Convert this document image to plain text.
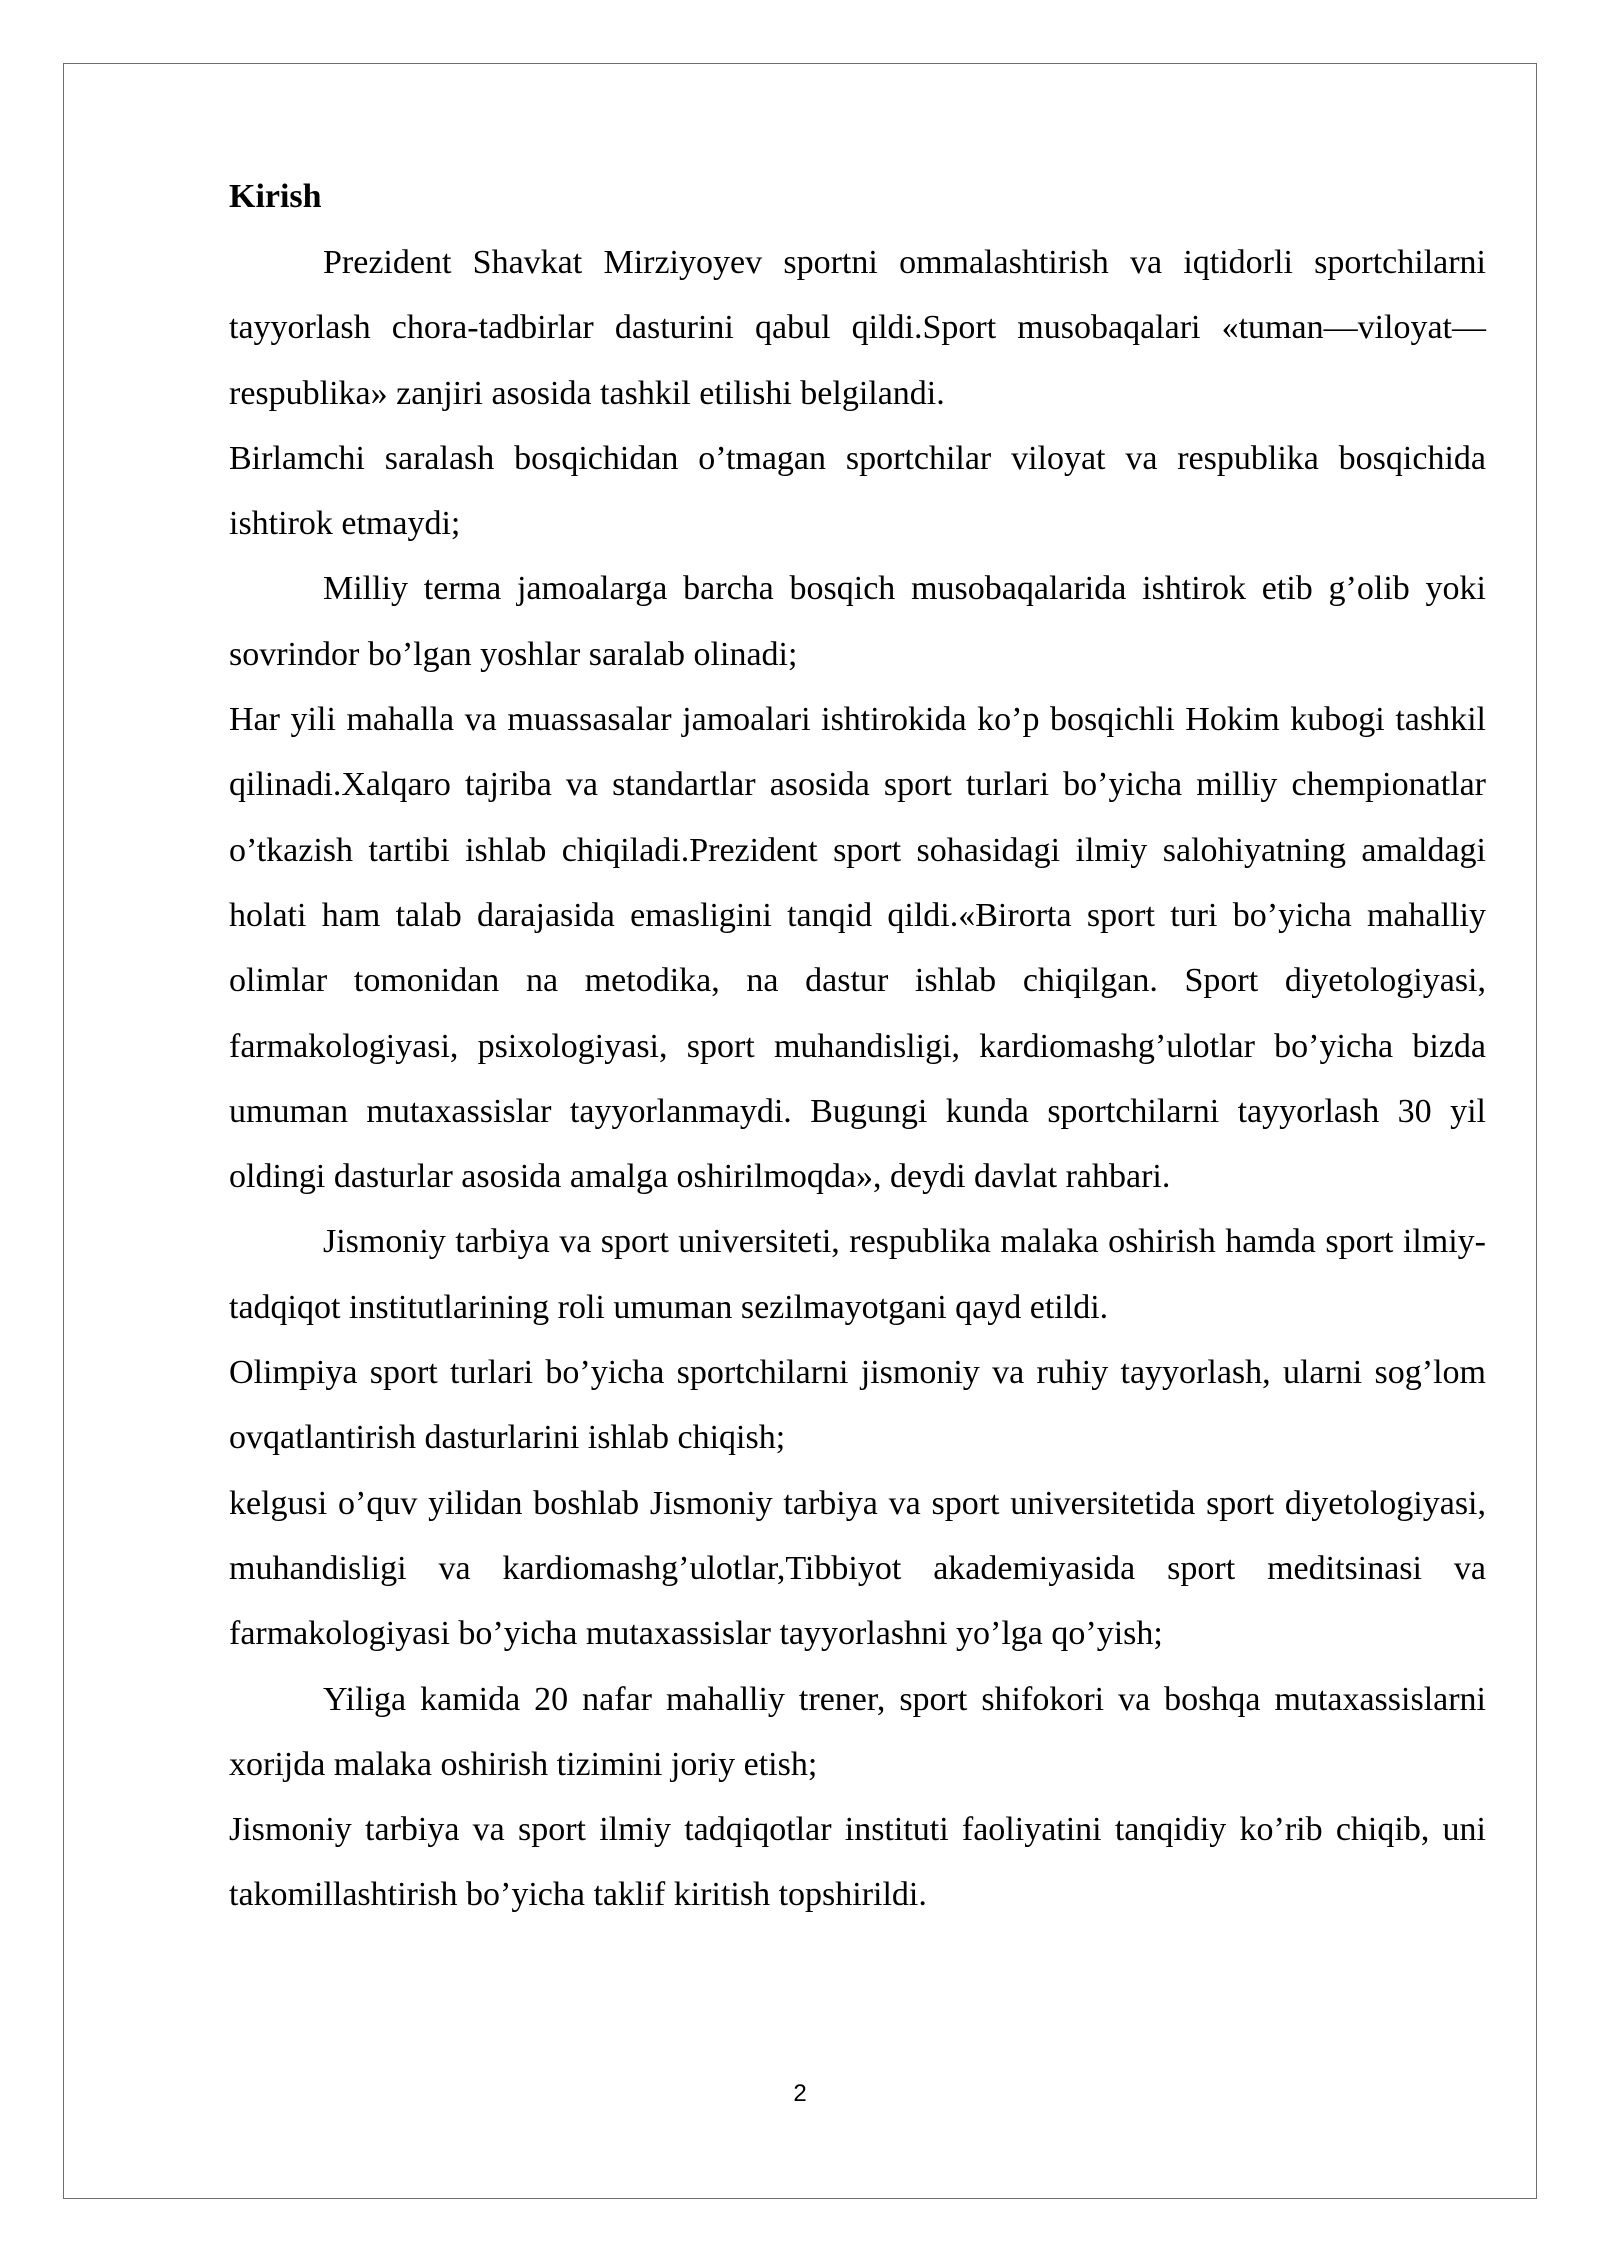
Kirish

Prezident Shavkat Mirziyoyev sportni ommalashtirish va iqtidorli sportchilarni tayyorlash chora-tadbirlar dasturini qabul qildi.Sport musobaqalari «tuman—viloyat—respublika» zanjiri asosida tashkil etilishi belgilandi.

Birlamchi saralash bosqichidan o’tmagan sportchilar viloyat va respublika bosqichida ishtirok etmaydi;

Milliy terma jamoalarga barcha bosqich musobaqalarida ishtirok etib g’olib yoki sovrindor bo’lgan yoshlar saralab olinadi;

Har yili mahalla va muassasalar jamoalari ishtirokida ko’p bosqichli Hokim kubogi tashkil qilinadi.Xalqaro tajriba va standartlar asosida sport turlari bo’yicha milliy chempionatlar o’tkazish tartibi ishlab chiqiladi.Prezident sport sohasidagi ilmiy salohiyatning amaldagi holati ham talab darajasida emasligini tanqid qildi.«Birorta sport turi bo’yicha mahalliy olimlar tomonidan na metodika, na dastur ishlab chiqilgan. Sport diyetologiyasi, farmakologiyasi, psixologiyasi, sport muhandisligi, kardiomashg’ulotlar bo’yicha bizda umuman mutaxassislar tayyorlanmaydi. Bugungi kunda sportchilarni tayyorlash 30 yil oldingi dasturlar asosida amalga oshirilmoqda», deydi davlat rahbari.

Jismoniy tarbiya va sport universiteti, respublika malaka oshirish hamda sport ilmiy-tadqiqot institutlarining roli umuman sezilmayotgani qayd etildi.

Olimpiya sport turlari bo’yicha sportchilarni jismoniy va ruhiy tayyorlash, ularni sog’lom ovqatlantirish dasturlarini ishlab chiqish;

kelgusi o’quv yilidan boshlab Jismoniy tarbiya va sport universitetida sport diyetologiyasi, muhandisligi va kardiomashg’ulotlar,Tibbiyot akademiyasida sport meditsinasi va farmakologiyasi bo’yicha mutaxassislar tayyorlashni yo’lga qo’yish;

Yiliga kamida 20 nafar mahalliy trener, sport shifokori va boshqa mutaxassislarni xorijda malaka oshirish tizimini joriy etish;

Jismoniy tarbiya va sport ilmiy tadqiqotlar instituti faoliyatini tanqidiy ko’rib chiqib, uni takomillashtirish bo’yicha taklif kiritish topshirildi.

2
